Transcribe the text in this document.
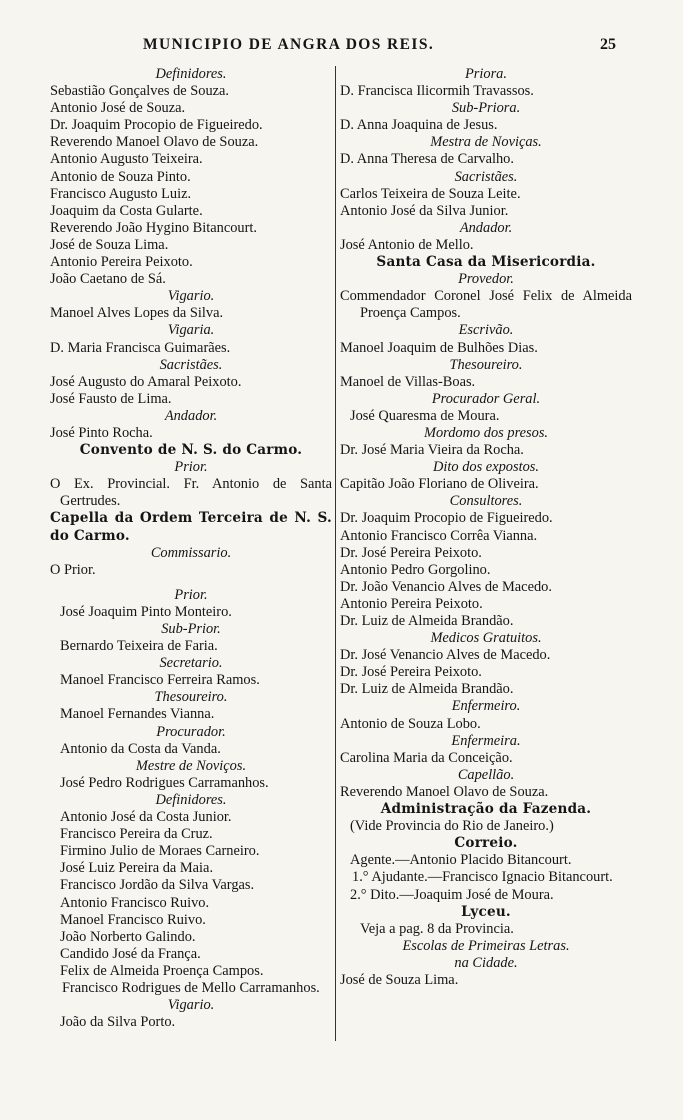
MUNICIPIO DE ANGRA DOS REIS.	25
Definidores.
Sebastião Gonçalves de Souza.
Antonio José de Souza.
Dr. Joaquim Procopio de Figueiredo.
Reverendo Manoel Olavo de Souza.
Antonio Augusto Teixeira.
Antonio de Souza Pinto.
Francisco Augusto Luiz.
Joaquim da Costa Gularte.
Reverendo João Hygino Bitancourt.
José de Souza Lima.
Antonio Pereira Peixoto.
João Caetano de Sá.
Vigario.
Manoel Alves Lopes da Silva.
Vigaria.
D. Maria Francisca Guimarães.
Sacristães.
José Augusto do Amaral Peixoto.
José Fausto de Lima.
Andador.
José Pinto Rocha.
Convento de N. S. do Carmo.
Prior.
O Ex. Provincial. Fr. Antonio de Santa Gertrudes.
Capella da Ordem Terceira de N. S. do Carmo.
Commissario.
O Prior.
Prior.
José Joaquim Pinto Monteiro.
Sub-Prior.
Bernardo Teixeira de Faria.
Secretario.
Manoel Francisco Ferreira Ramos.
Thesoureiro.
Manoel Fernandes Vianna.
Procurador.
Antonio da Costa da Vanda.
Mestre de Noviços.
José Pedro Rodrigues Carramanhos.
Definidores.
Antonio José da Costa Junior.
Francisco Pereira da Cruz.
Firmino Julio de Moraes Carneiro.
José Luiz Pereira da Maia.
Francisco Jordão da Silva Vargas.
Antonio Francisco Ruivo.
Manoel Francisco Ruivo.
João Norberto Galindo.
Candido José da França.
Felix de Almeida Proença Campos.
Francisco Rodrigues de Mello Carramanhos.
Vigario.
João da Silva Porto.
Priora.
D. Francisca Ilicormih Travassos.
Sub-Priora.
D. Anna Joaquina de Jesus.
Mestra de Noviças.
D. Anna Theresa de Carvalho.
Sacristães.
Carlos Teixeira de Souza Leite.
Antonio José da Silva Junior.
Andador.
José Antonio de Mello.
Santa Casa da Misericordia.
Provedor.
Commendador Coronel José Felix de Almeida Proença Campos.
Escrivão.
Manoel Joaquim de Bulhões Dias.
Thesoureiro.
Manoel de Villas-Boas.
Procurador Geral.
José Quaresma de Moura.
Mordomo dos presos.
Dr. José Maria Vieira da Rocha.
Dito dos expostos.
Capitão João Floriano de Oliveira.
Consultores.
Dr. Joaquim Procopio de Figueiredo.
Antonio Francisco Corrêa Vianna.
Dr. José Pereira Peixoto.
Antonio Pedro Gorgolino.
Dr. João Venancio Alves de Macedo.
Antonio Pereira Peixoto.
Dr. Luiz de Almeida Brandão.
Medicos Gratuitos.
Dr. José Venancio Alves de Macedo.
Dr. José Pereira Peixoto.
Dr. Luiz de Almeida Brandão.
Enfermeiro.
Antonio de Souza Lobo.
Enfermeira.
Carolina Maria da Conceição.
Capellão.
Reverendo Manoel Olavo de Souza.
Administração da Fazenda.
(Vide Provincia do Rio de Janeiro.)
Correio.
Agente.—Antonio Placido Bitancourt.
1.° Ajudante.—Francisco Ignacio Bitancourt.
2.° Dito.—Joaquim José de Moura.
Lyceu.
Veja a pag. 8 da Provincia.
Escolas de Primeiras Letras.
na Cidade.
José de Souza Lima.
